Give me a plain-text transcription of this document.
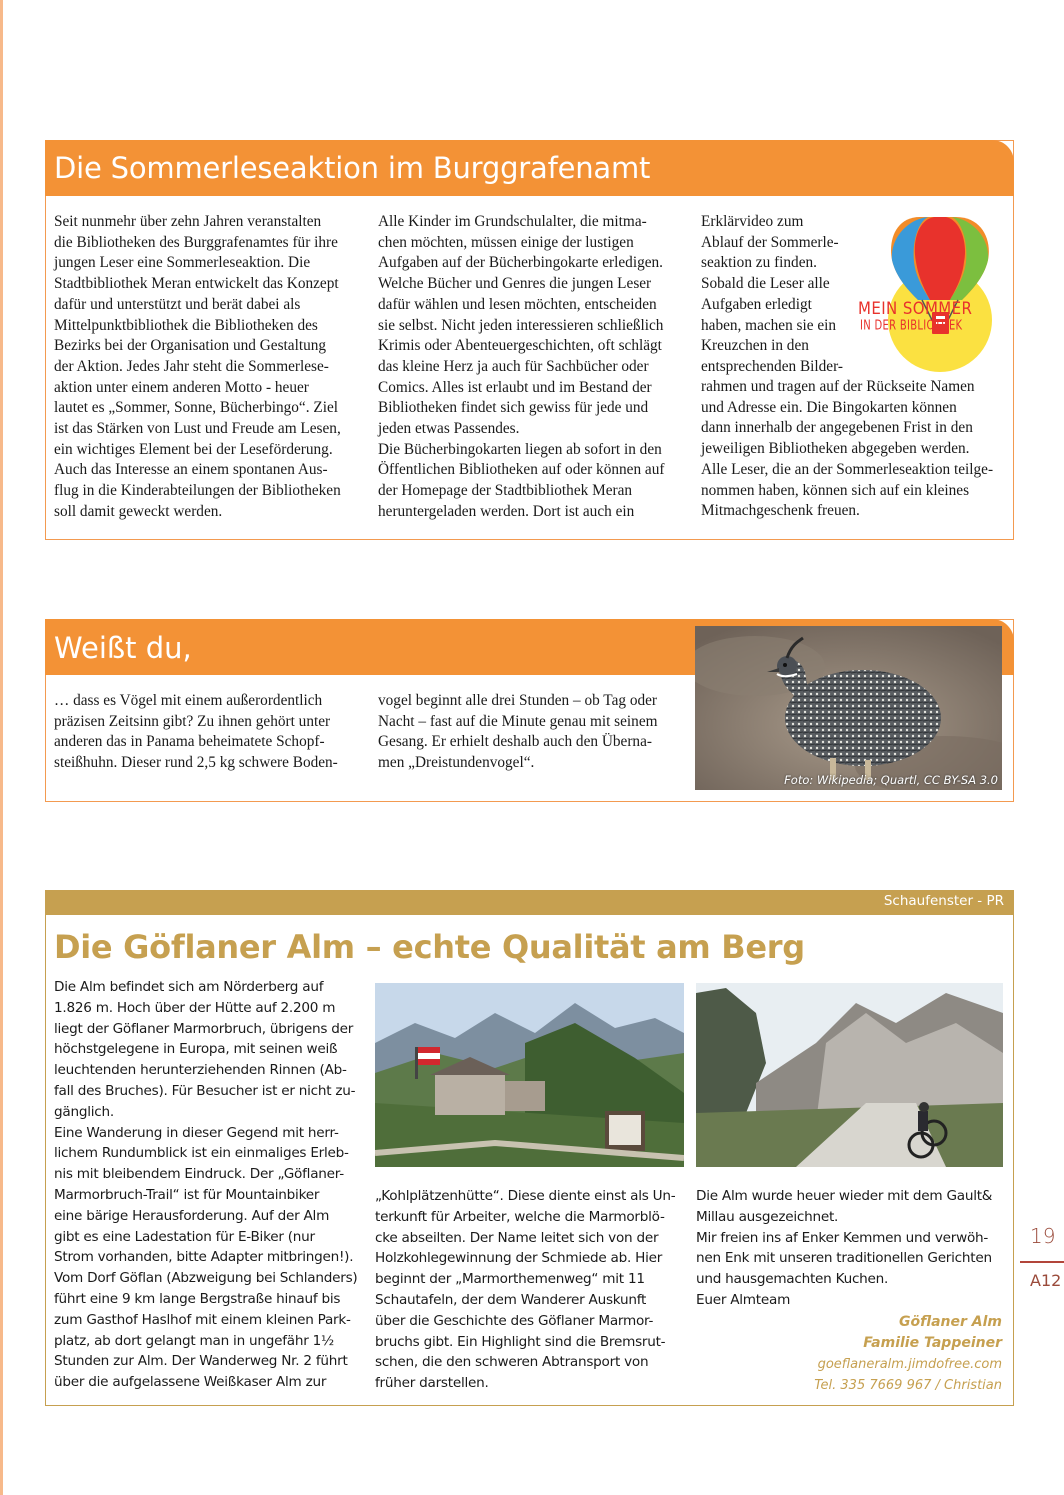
Die Sommerleseaktion im Burggrafenamt
Seit nunmehr über zehn Jahren veranstalten
die Bibliotheken des Burggrafenamtes für ihre
jungen Leser eine Sommerleseaktion. Die
Stadtbibliothek Meran entwickelt das Konzept
dafür und unterstützt und berät dabei als
Mittelpunktbibliothek die Bibliotheken des
Bezirks bei der Organisation und Gestaltung
der Aktion. Jedes Jahr steht die Sommerlese-
aktion unter einem anderen Motto - heuer
lautet es „Sommer, Sonne, Bücherbingo“. Ziel
ist das Stärken von Lust und Freude am Lesen,
ein wichtiges Element bei der Leseförderung.
Auch das Interesse an einem spontanen Aus-
flug in die Kinderabteilungen der Bibliotheken
soll damit geweckt werden.
Alle Kinder im Grundschulalter, die mitma-
chen möchten, müssen einige der lustigen
Aufgaben auf der Bücherbingokarte erledigen.
Welche Bücher und Genres die jungen Leser
dafür wählen und lesen möchten, entscheiden
sie selbst. Nicht jeden interessieren schließlich
Krimis oder Abenteuergeschichten, oft schlägt
das kleine Herz ja auch für Sachbücher oder
Comics. Alles ist erlaubt und im Bestand der
Bibliotheken findet sich gewiss für jede und
jeden etwas Passendes.
Die Bücherbingokarten liegen ab sofort in den
Öffentlichen Bibliotheken auf oder können auf
der Homepage der Stadtbibliothek Meran
heruntergeladen werden. Dort ist auch ein
Erklärvideo zum
Ablauf der Sommerle-
seaktion zu finden.
Sobald die Leser alle
Aufgaben erledigt
haben, machen sie ein
Kreuzchen in den
entsprechenden Bilder-
rahmen und tragen auf der Rückseite Namen
und Adresse ein. Die Bingokarten können
dann innerhalb der angegebenen Frist in den
jeweiligen Bibliotheken abgegeben werden.
Alle Leser, die an der Sommerleseaktion teilge-
nommen haben, können sich auf ein kleines
Mitmachgeschenk freuen.
MEIN SOMMER
IN DER BIBLIOTHEK
Weißt du,
… dass es Vögel mit einem außerordentlich
präzisen Zeitsinn gibt? Zu ihnen gehört unter
anderen das in Panama beheimatete Schopf-
steißhuhn. Dieser rund 2,5 kg schwere Boden-
vogel beginnt alle drei Stunden – ob Tag oder
Nacht – fast auf die Minute genau mit seinem
Gesang. Er erhielt deshalb auch den Überna-
men „Dreistundenvogel“.
Foto: Wikipedia; Quartl, CC BY-SA 3.0
Schaufenster - PR
Die Göflaner Alm – echte Qualität am Berg
Die Alm befindet sich am Nörderberg auf
1.826 m. Hoch über der Hütte auf 2.200 m
liegt der Göflaner Marmorbruch, übrigens der
höchstgelegene in Europa, mit seinen weiß
leuchtenden herunterziehenden Rinnen (Ab-
fall des Bruches). Für Besucher ist er nicht zu-
gänglich.
Eine Wanderung in dieser Gegend mit herr-
lichem Rundumblick ist ein einmaliges Erleb-
nis mit bleibendem Eindruck. Der „Göflaner-
Marmorbruch-Trail“ ist für Mountainbiker
eine bärige Herausforderung. Auf der Alm
gibt es eine Ladestation für E-Biker (nur
Strom vorhanden, bitte Adapter mitbringen!).
Vom Dorf Göflan (Abzweigung bei Schlanders)
führt eine 9 km lange Bergstraße hinauf bis
zum Gasthof Haslhof mit einem kleinen Park-
platz, ab dort gelangt man in ungefähr 1½
Stunden zur Alm. Der Wanderweg Nr. 2 führt
über die aufgelassene Weißkaser Alm zur
„Kohlplätzenhütte“. Diese diente einst als Un-
terkunft für Arbeiter, welche die Marmorblö-
cke abseilten. Der Name leitet sich von der
Holzkohlegewinnung der Schmiede ab. Hier
beginnt der „Marmorthemenweg“ mit 11
Schautafeln, der dem Wanderer Auskunft
über die Geschichte des Göflaner Marmor-
bruchs gibt. Ein Highlight sind die Bremsrut-
schen, die den schweren Abtransport von
früher darstellen.
Die Alm wurde heuer wieder mit dem Gault&
Millau ausgezeichnet.
Mir freien ins af Enker Kemmen und verwöh-
nen Enk mit unseren traditionellen Gerichten
und hausgemachten Kuchen.
Euer Almteam
Göflaner Alm
Familie Tappeiner
goeflaneralm.jimdofree.com
Tel. 335 7669 967 / Christian
19
A12
